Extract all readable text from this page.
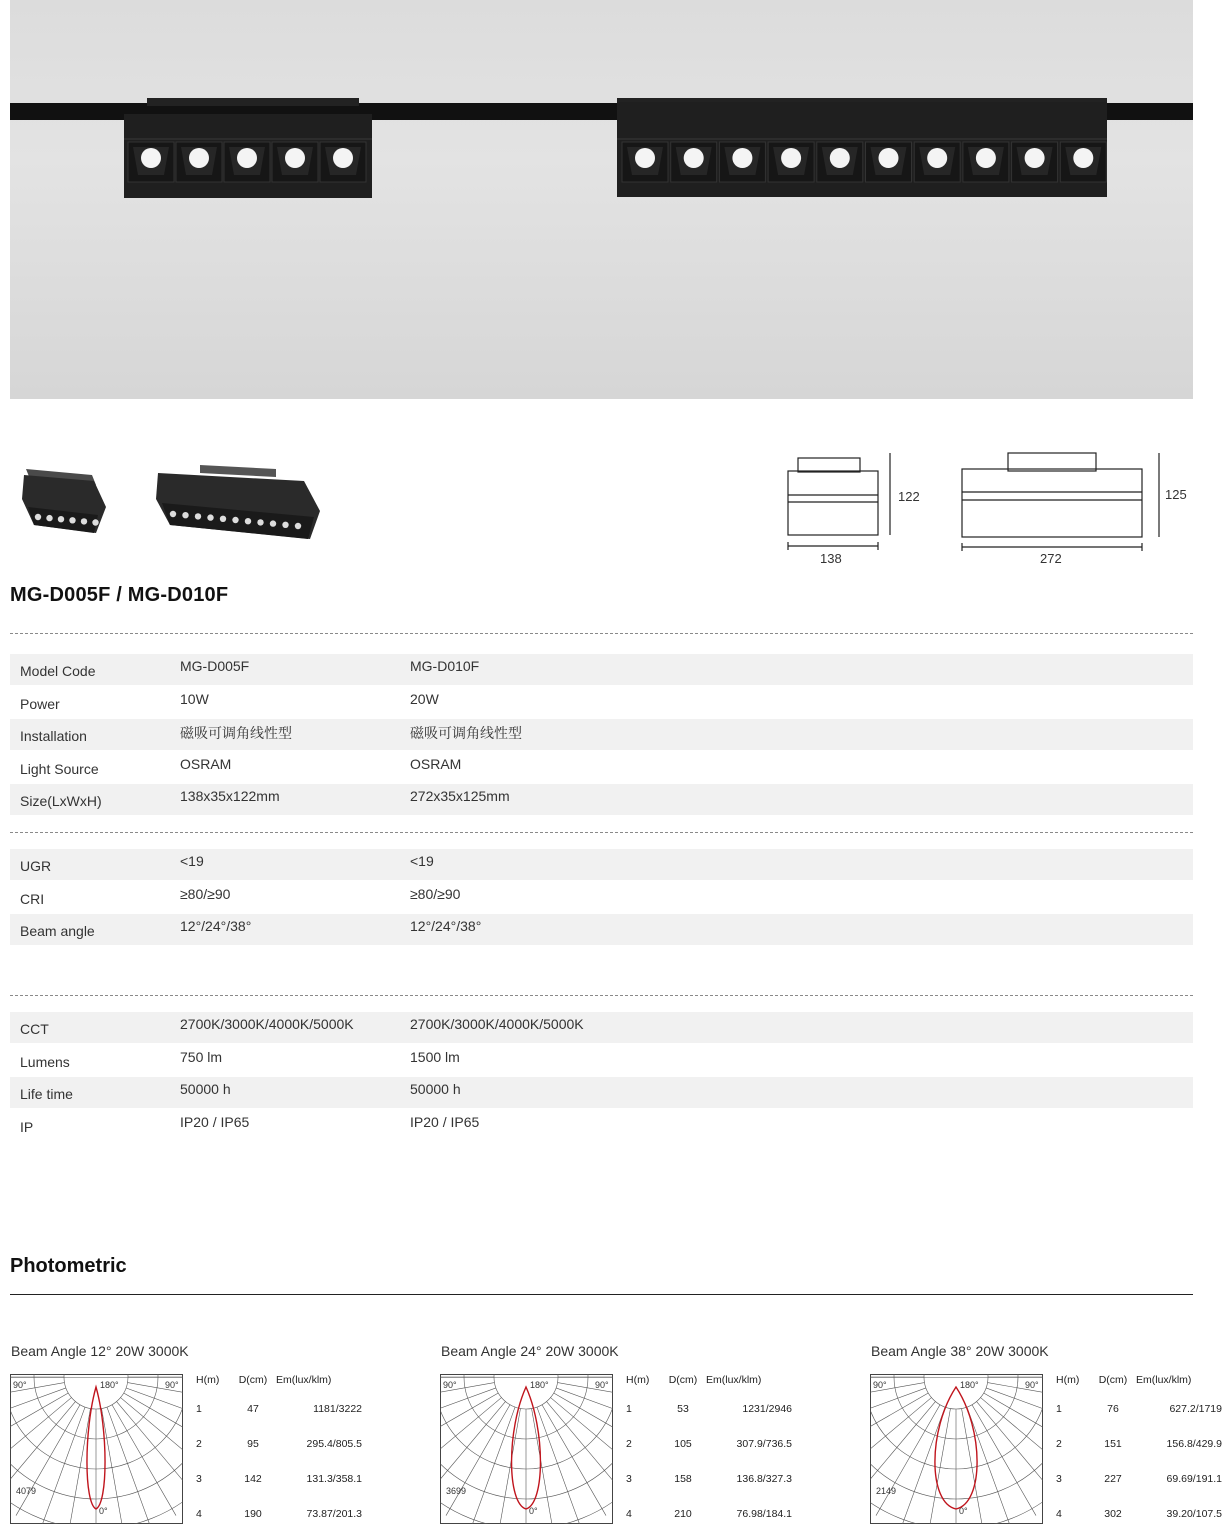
122
138
125
272
MG-D005F / MG-D010F
Model Code	MG-D005F	MG-D010F
Power	10W	20W
Installation	磁吸可调角线性型	磁吸可调角线性型
Light Source	OSRAM	OSRAM
Size(LxWxH)	138x35x122mm	272x35x125mm
UGR	<19	<19
CRI	≥80/≥90	≥80/≥90
Beam angle	12°/24°/38°	12°/24°/38°
CCT	2700K/3000K/4000K/5000K	2700K/3000K/4000K/5000K
Lumens	750 lm	1500 lm
Life time	50000 h	50000 h
IP	IP20 / IP65	IP20 / IP65
Photometric
Beam Angle 12° 20W 3000K
90°	180°	90°
0°
4079
H(m)	D(cm) Em(lux/klm)
1	47	1181/3222
2	95	295.4/805.5
3	142	131.3/358.1
4	190	73.87/201.3
Beam Angle 24° 20W 3000K
90°	180°	90°
0°
3699
H(m)	D(cm) Em(lux/klm)
1	53	1231/2946
2	105	307.9/736.5
3	158	136.8/327.3
4	210	76.98/184.1
Beam Angle 38° 20W 3000K
90°	180°	90°
0°
2149
H(m)	D(cm) Em(lux/klm)
1	76	627.2/1719
2	151	156.8/429.9
3	227	69.69/191.1
4	302	39.20/107.5
